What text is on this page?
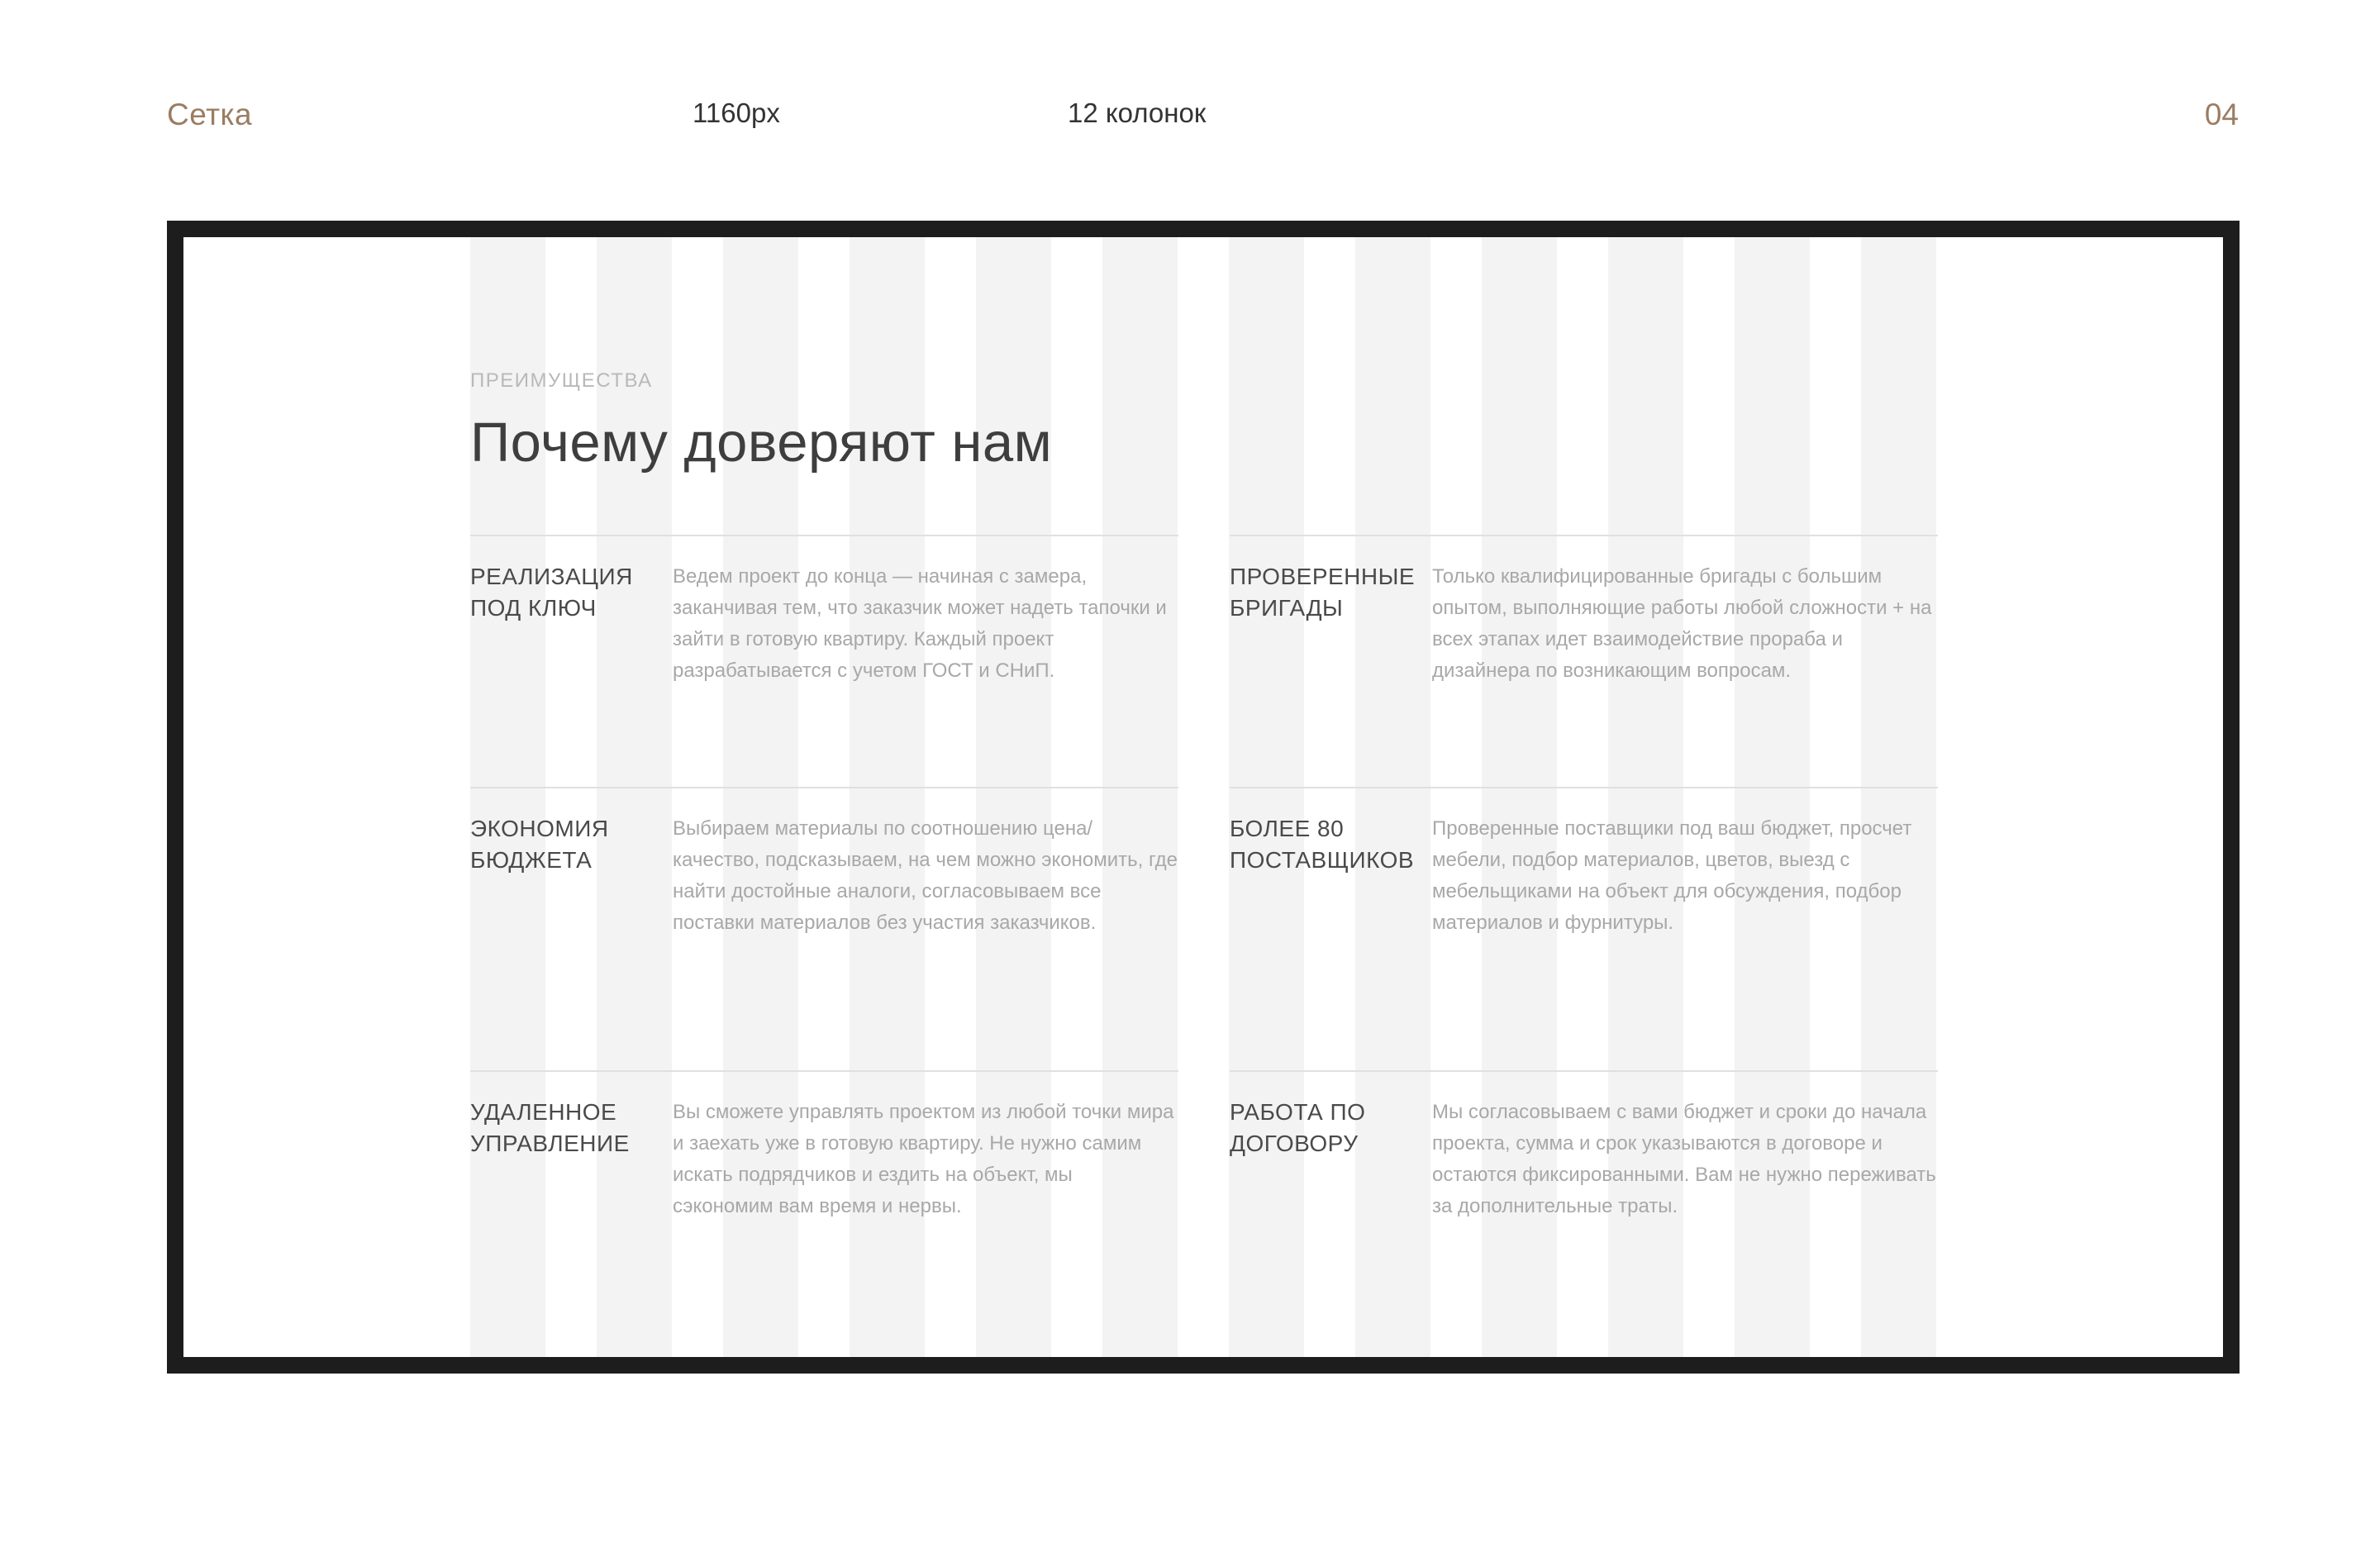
Сетка	1160px	12 колонок	04
ПРЕИМУЩЕСТВА
Почему доверяют нам
РЕАЛИЗАЦИЯ ПОД КЛЮЧ
Ведем проект до конца — начиная с замера, заканчивая тем, что заказчик может надеть тапочки и зайти в готовую квартиру. Каждый проект разрабатывается с учетом ГОСТ и СНиП.
ПРОВЕРЕННЫЕ БРИГАДЫ
Только квалифицированные бригады с большим опытом, выполняющие работы любой сложности + на всех этапах идет взаимодействие прораба и дизайнера по возникающим вопросам.
ЭКОНОМИЯ БЮДЖЕТА
Выбираем материалы по соотношению цена/качество, подсказываем, на чем можно экономить, где найти достойные аналоги, согласовываем все поставки материалов без участия заказчиков.
БОЛЕЕ 80 ПОСТАВЩИКОВ
Проверенные поставщики под ваш бюджет, просчет мебели, подбор материалов, цветов, выезд с мебельщиками на объект для обсуждения, подбор материалов и фурнитуры.
УДАЛЕННОЕ УПРАВЛЕНИЕ
Вы сможете управлять проектом из любой точки мира и заехать уже в готовую квартиру. Не нужно самим искать подрядчиков и ездить на объект, мы сэкономим вам время и нервы.
РАБОТА ПО ДОГОВОРУ
Мы согласовываем с вами бюджет и сроки до начала проекта, сумма и срок указываются в договоре и остаются фиксированными. Вам не нужно переживать за дополнительные траты.
